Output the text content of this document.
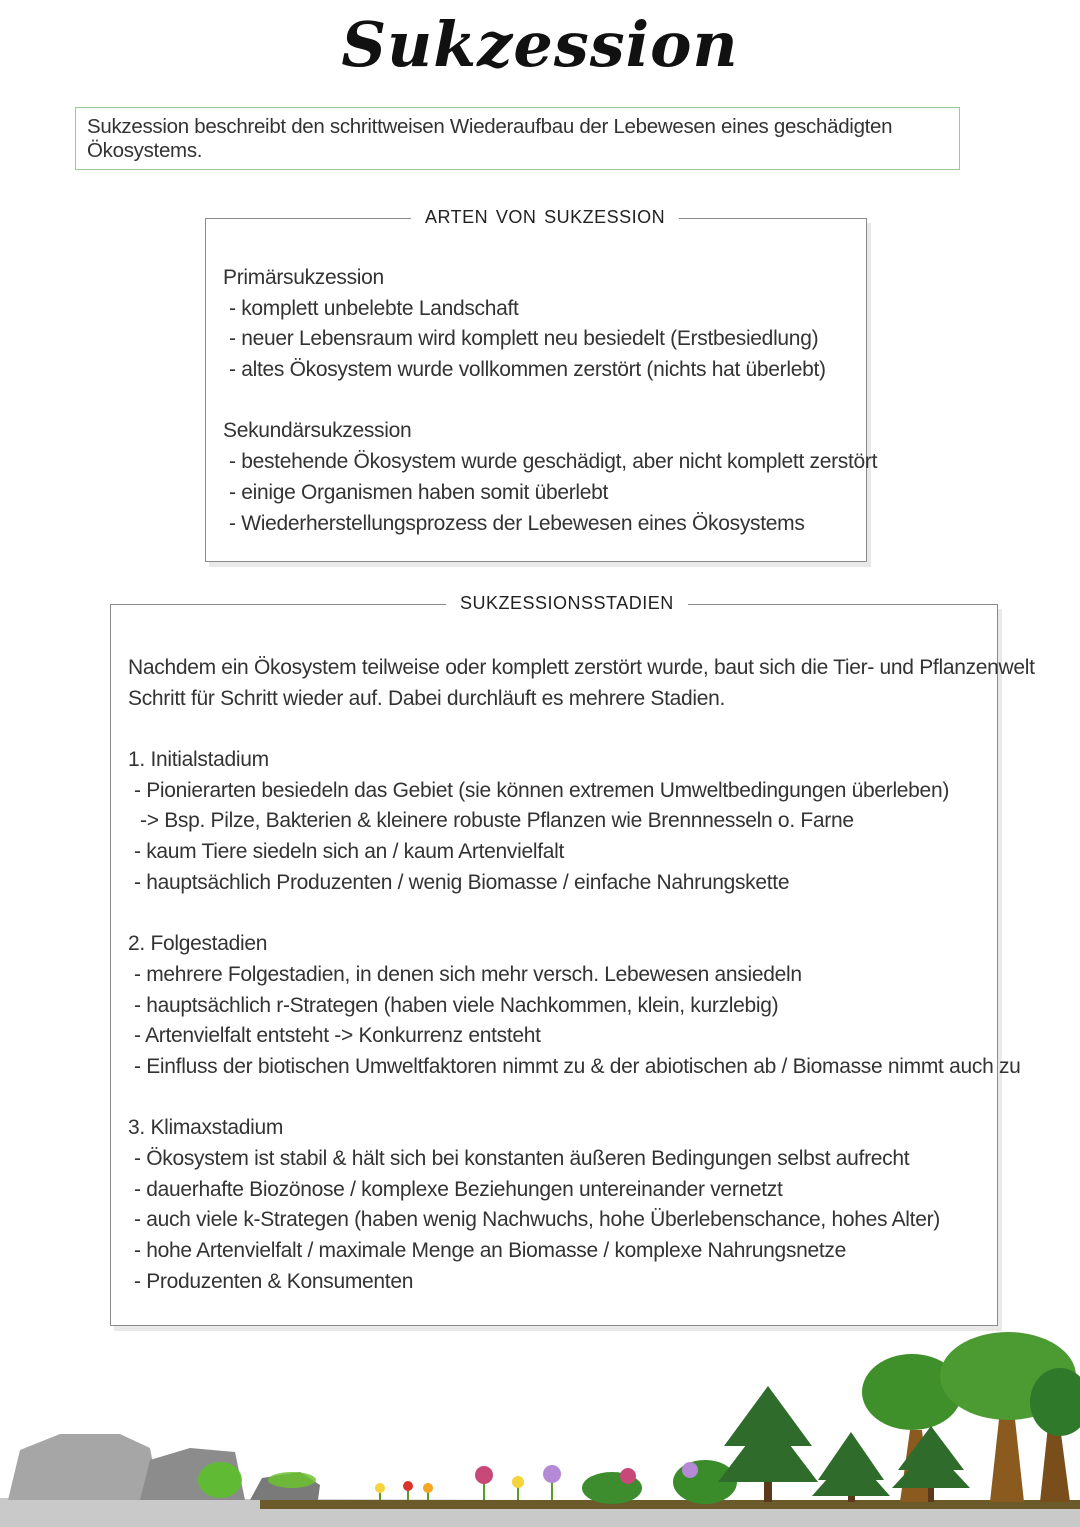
Sukzession
Sukzession beschreibt den schrittweisen Wiederaufbau der Lebewesen eines geschädigten Ökosystems.
arten von sukzession
Primärsukzession
- komplett unbelebte Landschaft
- neuer Lebensraum wird komplett neu besiedelt (Erstbesiedlung)
- altes Ökosystem wurde vollkommen zerstört (nichts hat überlebt)
Sekundärsukzession
- bestehende Ökosystem wurde geschädigt, aber nicht komplett zerstört
- einige Organismen haben somit überlebt
- Wiederherstellungsprozess der Lebewesen eines Ökosystems
sukzessionsstadien
Nachdem ein Ökosystem teilweise oder komplett zerstört wurde, baut sich die Tier- und Pflanzenwelt
Schritt für Schritt wieder auf. Dabei durchläuft es mehrere Stadien.
1. Initialstadium
- Pionierarten besiedeln das Gebiet (sie können extremen Umweltbedingungen überleben)
-> Bsp. Pilze, Bakterien & kleinere robuste Pflanzen wie Brennnesseln o. Farne
- kaum Tiere siedeln sich an / kaum Artenvielfalt
- hauptsächlich Produzenten / wenig Biomasse / einfache Nahrungskette
2. Folgestadien
- mehrere Folgestadien, in denen sich mehr versch. Lebewesen ansiedeln
- hauptsächlich r-Strategen (haben viele Nachkommen, klein, kurzlebig)
- Artenvielfalt entsteht -> Konkurrenz entsteht
- Einfluss der biotischen Umweltfaktoren nimmt zu & der abiotischen ab / Biomasse nimmt auch zu
3. Klimaxstadium
- Ökosystem ist stabil & hält sich bei konstanten äußeren Bedingungen selbst aufrecht
- dauerhafte Biozönose / komplexe Beziehungen untereinander vernetzt
- auch viele k-Strategen (haben wenig Nachwuchs, hohe Überlebenschance, hohes Alter)
- hohe Artenvielfalt / maximale Menge an Biomasse / komplexe Nahrungsnetze
- Produzenten & Konsumenten
